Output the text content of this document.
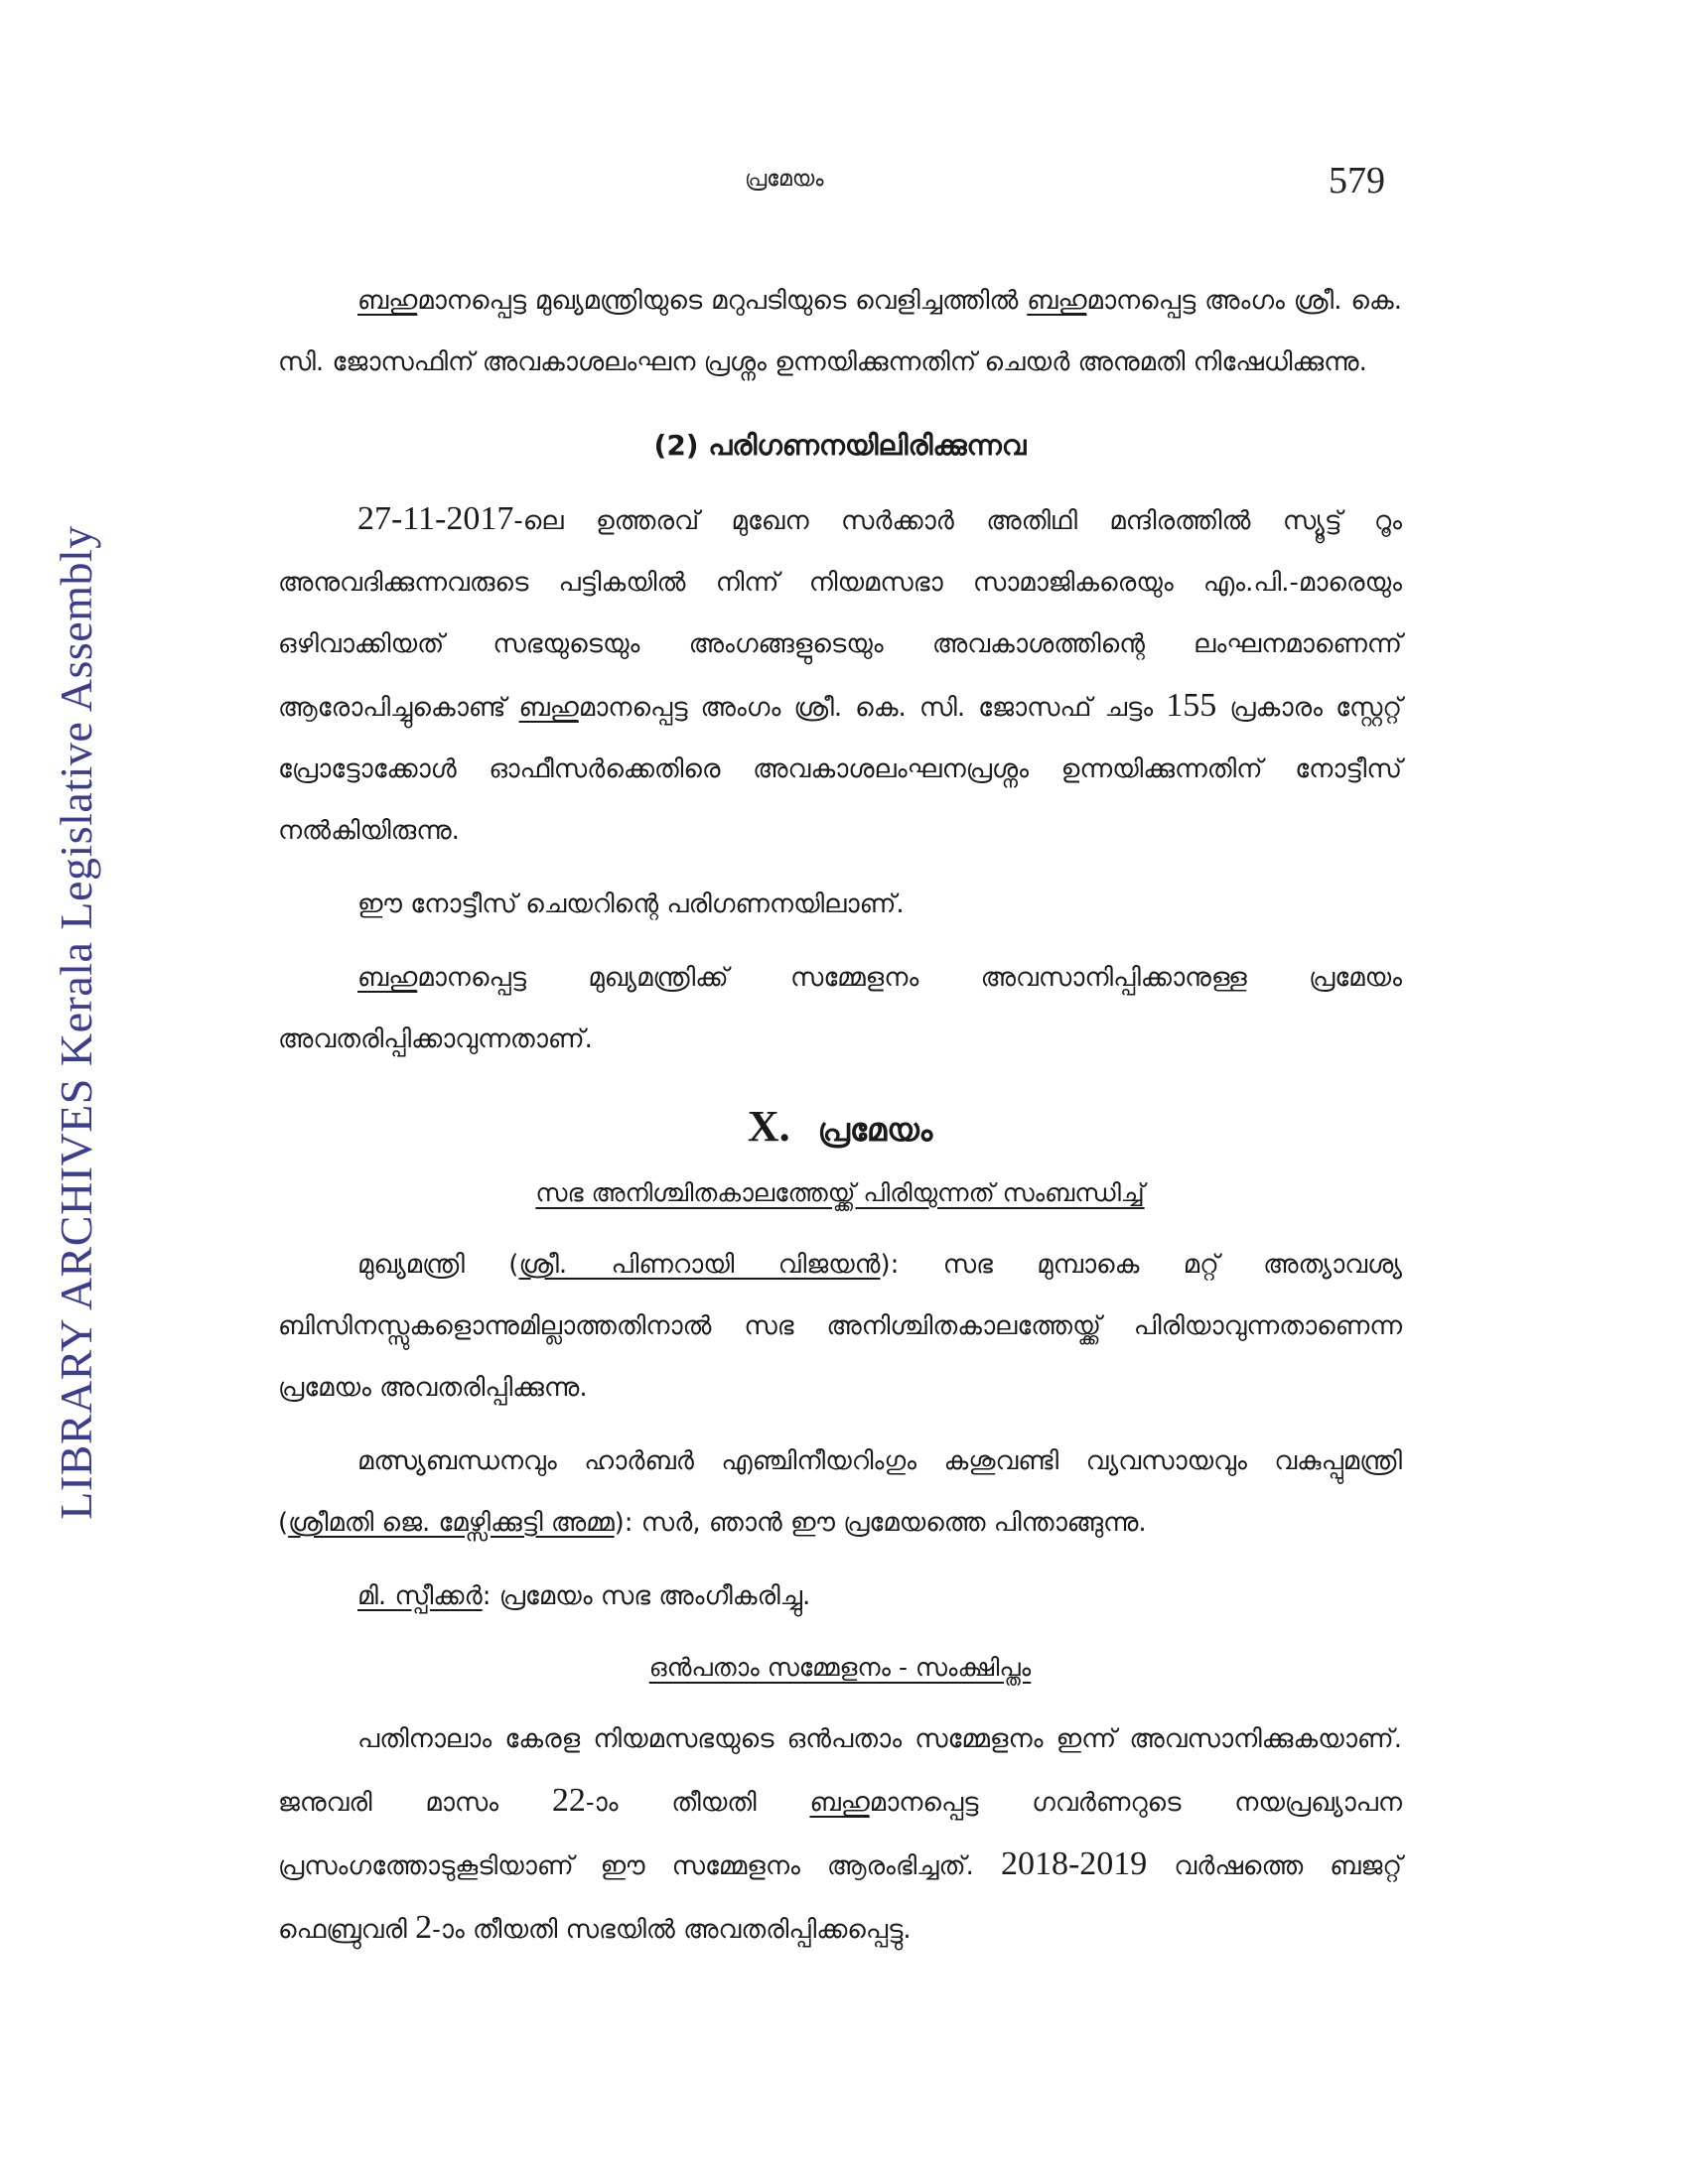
LIBRARY ARCHIVES Kerala Legislative Assembly
പ്രമേയം	579

ബഹുമാനപ്പെട്ട മുഖ്യമന്ത്രിയുടെ മറുപടിയുടെ വെളിച്ചത്തിൽ ബഹുമാനപ്പെട്ട അംഗം ശ്രീ. കെ. സി. ജോസഫിന് അവകാശലംഘന പ്രശ്നം ഉന്നയിക്കുന്നതിന് ചെയർ അനുമതി നിഷേധിക്കുന്നു.

(2) പരിഗണനയിലിരിക്കുന്നവ

27-11-2017-ലെ ഉത്തരവ് മുഖേന സർക്കാർ അതിഥി മന്ദിരത്തിൽ സ്യൂട്ട് റൂം അനുവദിക്കുന്നവരുടെ പട്ടികയിൽ നിന്ന് നിയമസഭാ സാമാജികരെയും എം.പി.-മാരെയും ഒഴിവാക്കിയത് സഭയുടെയും അംഗങ്ങളുടെയും അവകാശത്തിന്റെ ലംഘനമാണെന്ന് ആരോപിച്ചുകൊണ്ട് ബഹുമാനപ്പെട്ട അംഗം ശ്രീ. കെ. സി. ജോസഫ് ചട്ടം 155 പ്രകാരം സ്റ്റേറ്റ് പ്രോട്ടോക്കോൾ ഓഫീസർക്കെതിരെ അവകാശലംഘനപ്രശ്നം ഉന്നയിക്കുന്നതിന് നോട്ടീസ് നൽകിയിരുന്നു.

ഈ നോട്ടീസ് ചെയറിന്റെ പരിഗണനയിലാണ്.

ബഹുമാനപ്പെട്ട മുഖ്യമന്ത്രിക്ക് സമ്മേളനം അവസാനിപ്പിക്കാനുള്ള പ്രമേയം അവതരിപ്പിക്കാവുന്നതാണ്.

X. പ്രമേയം
സഭ അനിശ്ചിതകാലത്തേയ്ക്ക് പിരിയുന്നത് സംബന്ധിച്ച്

മുഖ്യമന്ത്രി (ശ്രീ. പിണറായി വിജയൻ): സഭ മുമ്പാകെ മറ്റ് അത്യാവശ്യ ബിസിനസ്സുകളൊന്നുമില്ലാത്തതിനാൽ സഭ അനിശ്ചിതകാലത്തേയ്ക്ക് പിരിയാവുന്നതാണെന്ന പ്രമേയം അവതരിപ്പിക്കുന്നു.

മത്സ്യബന്ധനവും ഹാർബർ എഞ്ചിനീയറിംഗും കശുവണ്ടി വ്യവസായവും വകുപ്പുമന്ത്രി (ശ്രീമതി ജെ. മേഴ്സിക്കുട്ടി അമ്മ): സർ, ഞാൻ ഈ പ്രമേയത്തെ പിന്താങ്ങുന്നു.

മി. സ്പീക്കർ: പ്രമേയം സഭ അംഗീകരിച്ചു.

ഒൻപതാം സമ്മേളനം - സംക്ഷിപ്തം

പതിനാലാം കേരള നിയമസഭയുടെ ഒൻപതാം സമ്മേളനം ഇന്ന് അവസാനിക്കുകയാണ്. ജനുവരി മാസം 22-ാം തീയതി ബഹുമാനപ്പെട്ട ഗവർണറുടെ നയപ്രഖ്യാപന പ്രസംഗത്തോടുകൂടിയാണ് ഈ സമ്മേളനം ആരംഭിച്ചത്. 2018-2019 വർഷത്തെ ബജറ്റ് ഫെബ്രുവരി 2-ാം തീയതി സഭയിൽ അവതരിപ്പിക്കപ്പെട്ടു.
